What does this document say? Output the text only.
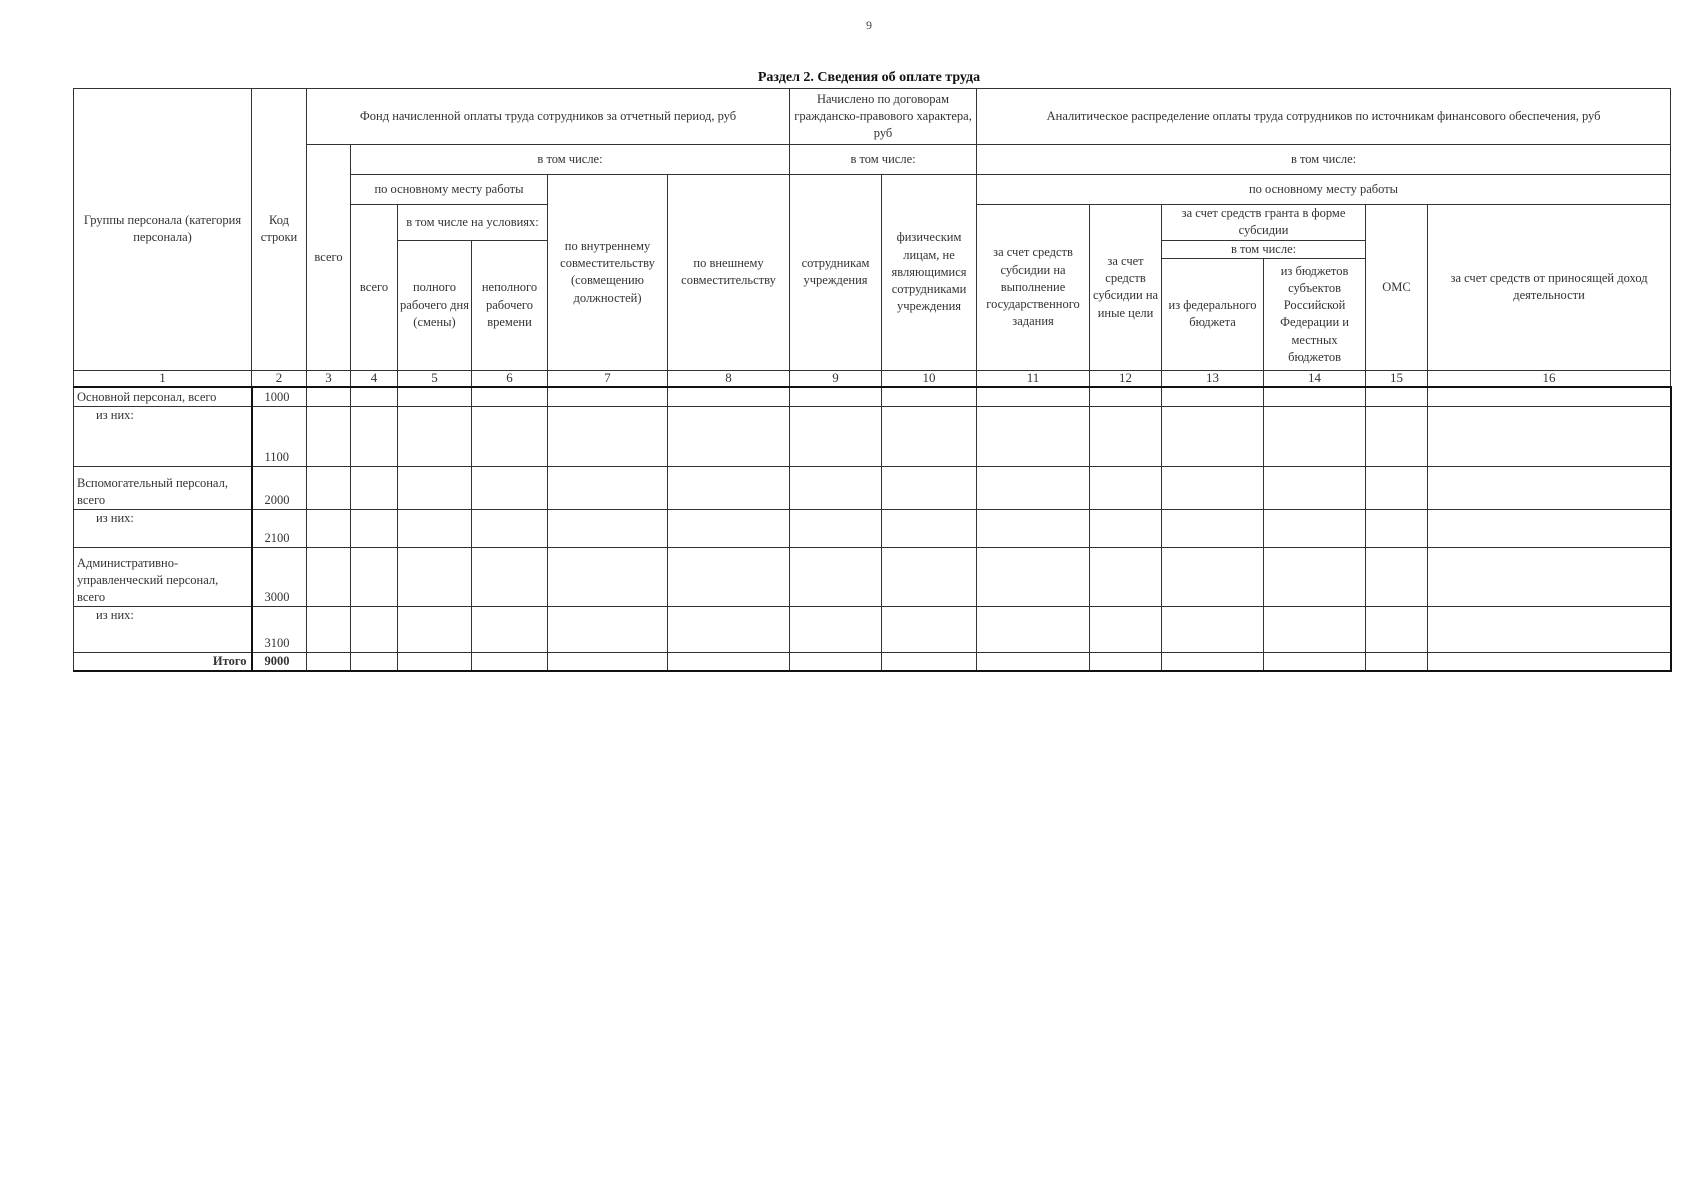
9
Раздел 2. Сведения об оплате труда
Группы персонала (категория персонала)	Код строки	Фонд начисленной оплаты труда сотрудников за отчетный период, руб						Начислено по договорам гражданско-правового характера, руб		Аналитическое распределение оплаты труда сотрудников по источникам финансового обеспечения, руб					
		всего	в том числе:					в том числе:		в том числе:					
			по основному месту работы			по внутреннему совместительству (совмещению должностей)	по внешнему совместительству	сотрудникам учреждения	физическим лицам, не являющимися сотрудниками учреждения	по основному месту работы					
			всего	в том числе на условиях:						за счет средств субсидии на выполнение государственного задания	за счет средств субсидии на иные цели	за счет средств гранта в форме субсидии		ОМС	за счет средств от приносящей доход деятельности
				полного рабочего дня (смены)	неполного рабочего времени							в том числе:			
												из федерального бюджета	из бюджетов субъектов Российской Федерации и местных бюджетов		
1	2	3	4	5	6	7	8	9	10	11	12	13	14	15	16
Основной персонал, всего	1000														
из них:	1100														
Вспомогательный персонал, всего	2000														
из них:	2100														
Административно-управленческий персонал, всего	3000														
из них:	3100														
Итого	9000														
